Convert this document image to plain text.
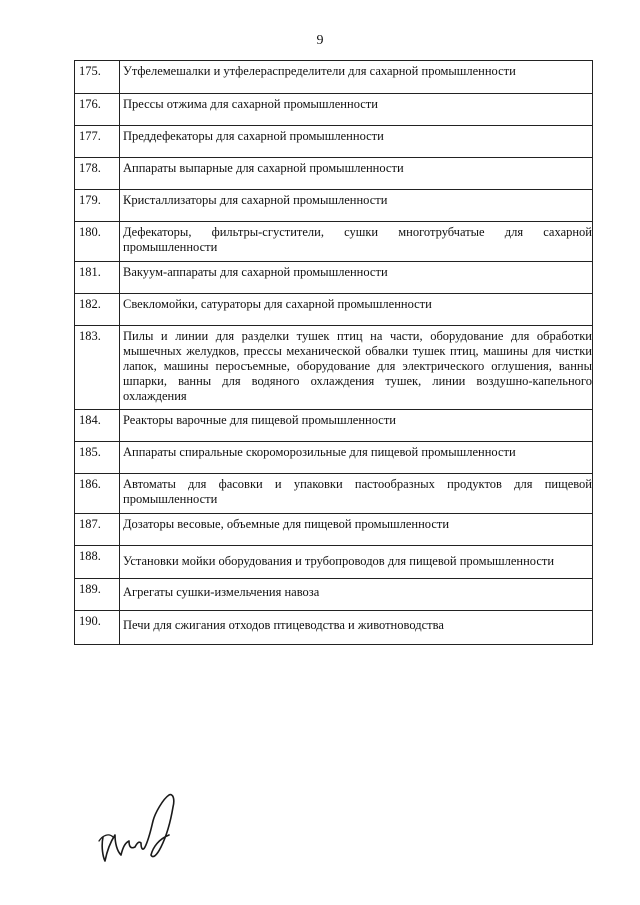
9
175.	Утфелемешалки и утфелераспределители для сахарной промышленности
176.	Прессы отжима для сахарной промышленности
177.	Преддефекаторы для сахарной промышленности
178.	Аппараты выпарные для сахарной промышленности
179.	Кристаллизаторы для сахарной промышленности
180.	Дефекаторы, фильтры-сгустители, сушки многотрубчатые для сахарной промышленности
181.	Вакуум-аппараты для сахарной промышленности
182.	Свекломойки, сатураторы для сахарной промышленности
183.	Пилы и линии для разделки тушек птиц на части, оборудование для обработки мышечных желудков, прессы механической обвалки тушек птиц, машины для чистки лапок, машины перосъемные, оборудование для электрического оглушения, ванны шпарки, ванны для водяного охлаждения тушек, линии воздушно-капельного охлаждения
184.	Реакторы варочные для пищевой промышленности
185.	Аппараты спиральные скороморозильные для пищевой промышленности
186.	Автоматы для фасовки и упаковки пастообразных продуктов для пищевой промышленности
187.	Дозаторы весовые, объемные для пищевой промышленности
188.	Установки мойки оборудования и трубопроводов для пищевой промышленности
189.	Агрегаты сушки-измельчения навоза
190.	Печи для сжигания отходов птицеводства и животноводства
